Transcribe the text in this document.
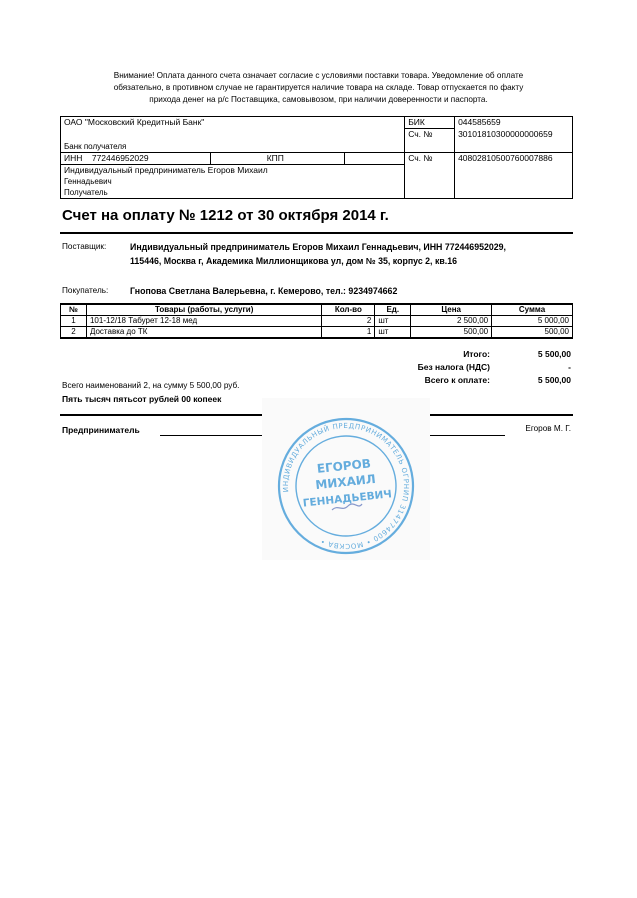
Внимание! Оплата данного счета означает согласие с условиями поставки товара. Уведомление об оплате
обязательно, в противном случае не гарантируется наличие товара на складе. Товар отпускается по факту
прихода денег на р/с Поставщика, самовывозом, при наличии доверенности и паспорта.
ОАО "Московский Кредитный Банк"			БИК	044585659
Банк получателя			Сч. №	30101810300000000659
ИНН 772446952029	КПП		Сч. №	40802810500760007886

Индивидуальный предприниматель Егоров Михаил
Геннадьевич
Получатель				
Счет на оплату № 1212 от 30 октября 2014 г.
Поставщик:	Индивидуальный предприниматель Егоров Михаил Геннадьевич, ИНН 772446952029,
115446, Москва г, Академика Миллионщикова ул, дом № 35, корпус 2, кв.16
Покупатель: Гнопова Светлана Валерьевна, г. Кемерово, тел.: 9234974662
№	Товары (работы, услуги)	Кол-во	Ед.	Цена	Сумма
1	101-12/18 Табурет 12-18 мед	2	шт	2 500,00	5 000,00
2	Доставка до ТК	1	шт	500,00	500,00
Итого:	5 500,00
Без налога (НДС)	-
Всего к оплате:	5 500,00
Всего наименований 2, на сумму 5 500,00 руб.
Пять тысяч пятьсот рублей 00 копеек
Предприниматель	Егоров М. Г.
ИНДИВИДУАЛЬНЫЙ ПРЕДПРИНИМАТЕЛЬ ОГРНИП 314774600 • МОСКВА •
ЕГОРОВ
МИХАИЛ
ГЕННАДЬЕВИЧ
